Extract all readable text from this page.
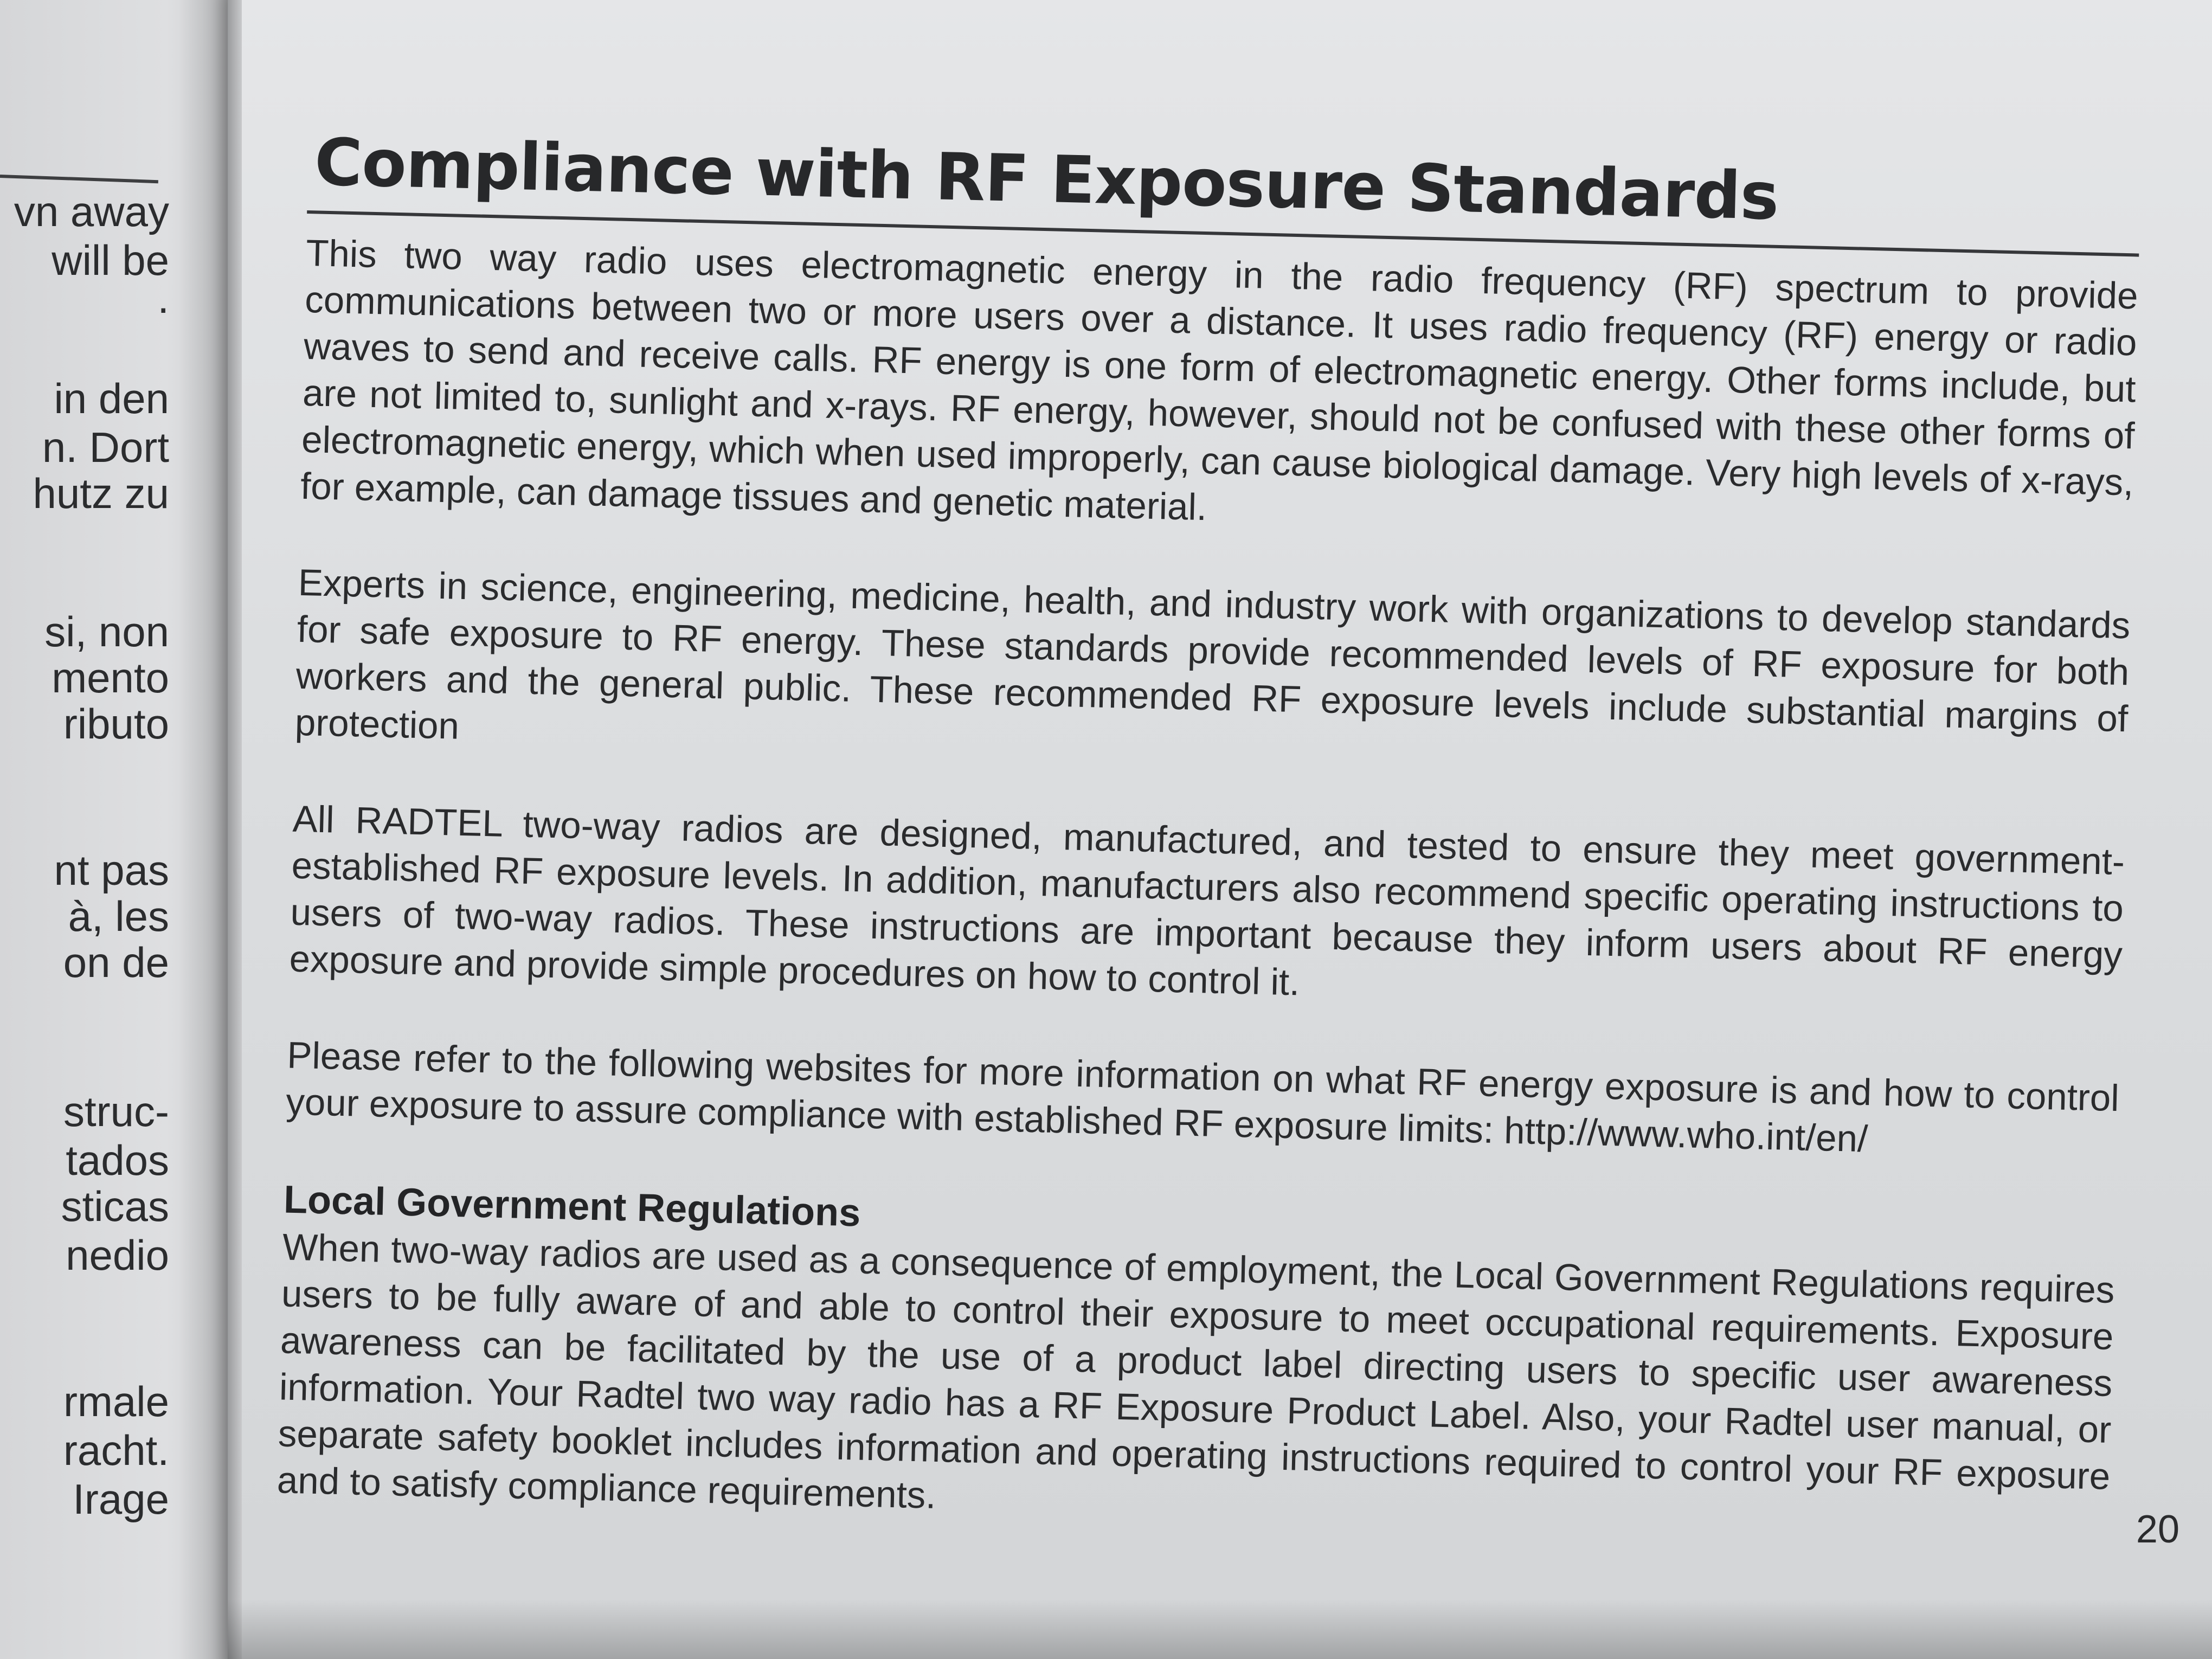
vn away
will be
.
in den
n. Dort
hutz zu
si, non
mento
ributo
nt pas
à, les
on de
struc-
tados
sticas
nedio
rmale
racht.
Irage
Compliance with RF Exposure Standards

This two way radio uses electromagnetic energy in the radio frequency (RF) spectrum to provide communications between two or more users over a distance. It uses radio frequency (RF) energy or radio waves to send and receive calls. RF energy is one form of electromagnetic energy. Other forms include, but are not limited to, sunlight and x-rays. RF energy, however, should not be confused with these other forms of electromagnetic energy, which when used improperly, can cause biological damage. Very high levels of x-rays, for example, can damage tissues and genetic material.

Experts in science, engineering, medicine, health, and industry work with organizations to develop standards for safe exposure to RF energy. These standards provide recommended levels of RF exposure for both workers and the general public. These recommended RF exposure levels include substantial margins of protection

All RADTEL two-way radios are designed, manufactured, and tested to ensure they meet government-established RF exposure levels. In addition, manufacturers also recommend specific operating instructions to users of two-way radios. These instructions are important because they inform users about RF energy exposure and provide simple procedures on how to control it.

Please refer to the following websites for more information on what RF energy exposure is and how to control your exposure to assure compliance with established RF exposure limits: http://www.who.int/en/

Local Government Regulations

When two-way radios are used as a consequence of employment, the Local Government Regulations requires users to be fully aware of and able to control their exposure to meet occupational requirements. Exposure awareness can be facilitated by the use of a product label directing users to specific user awareness information. Your Radtel two way radio has a RF Exposure Product Label. Also, your Radtel user manual, or separate safety booklet includes information and operating instructions required to control your RF exposure and to satisfy compliance requirements.

20
